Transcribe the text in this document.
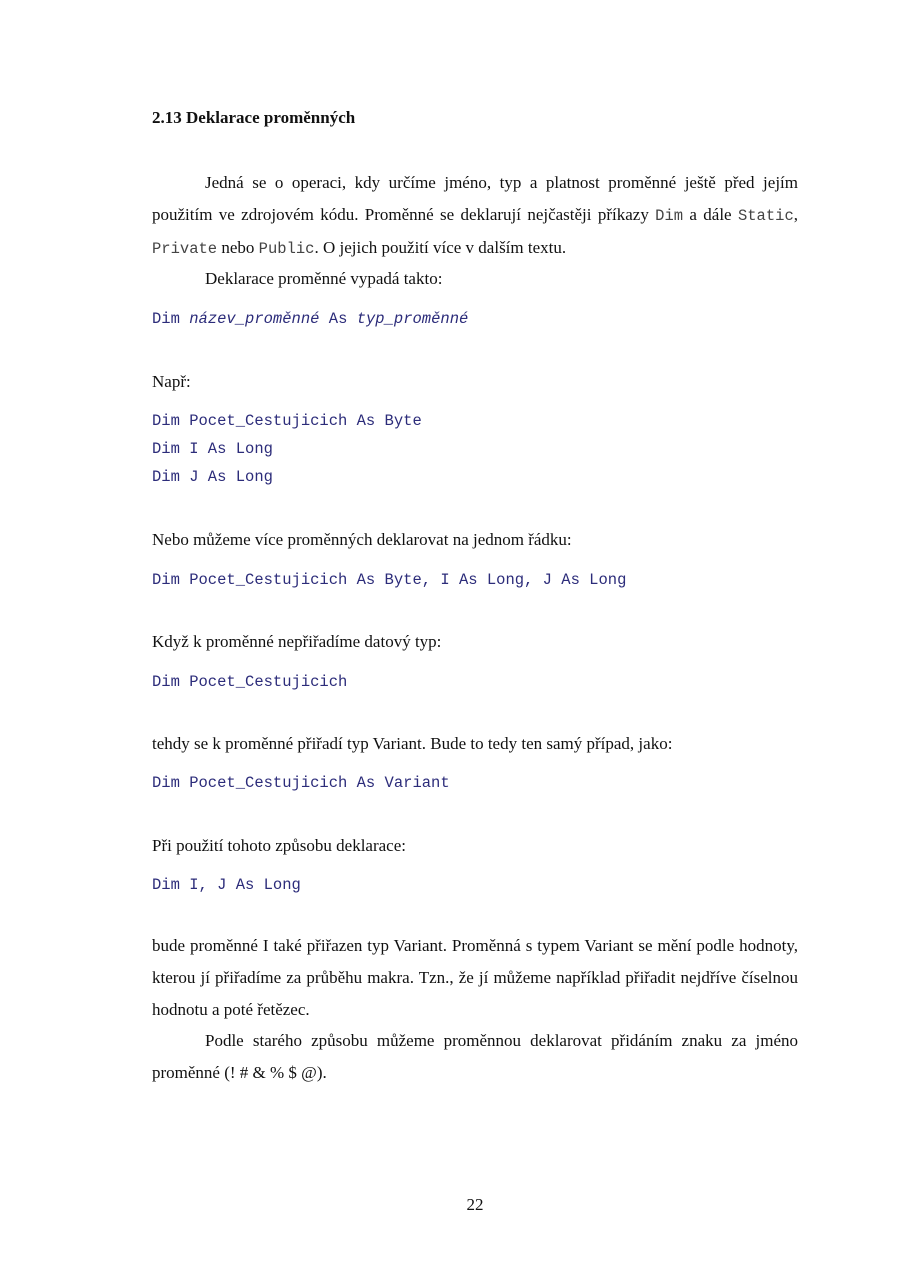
2.13 Deklarace proměnných

Jedná se o operaci, kdy určíme jméno, typ a platnost proměnné ještě před jejím použitím ve zdrojovém kódu. Proměnné se deklarují nejčastěji příkazy Dim a dále Static, Private nebo Public. O jejich použití více v dalším textu.

Deklarace proměnné vypadá takto:

Dim název_proměnné As typ_proměnné

Např:

Dim Pocet_Cestujicich As Byte

Dim I As Long

Dim J As Long

Nebo můžeme více proměnných deklarovat na jednom řádku:

Dim Pocet_Cestujicich As Byte, I As Long, J As Long

Když k proměnné nepřiřadíme datový typ:

Dim Pocet_Cestujicich

tehdy se k proměnné přiřadí typ Variant. Bude to tedy ten samý případ, jako:

Dim Pocet_Cestujicich As Variant

Při použití tohoto způsobu deklarace:

Dim I, J As Long

bude proměnné I také přiřazen typ Variant. Proměnná s typem Variant se mění podle hodnoty, kterou jí přiřadíme za průběhu makra. Tzn., že jí můžeme například přiřadit nejdříve číselnou hodnotu a poté řetězec.

Podle starého způsobu můžeme proměnnou deklarovat přidáním znaku za jméno proměnné (! # & % $ @).

22
